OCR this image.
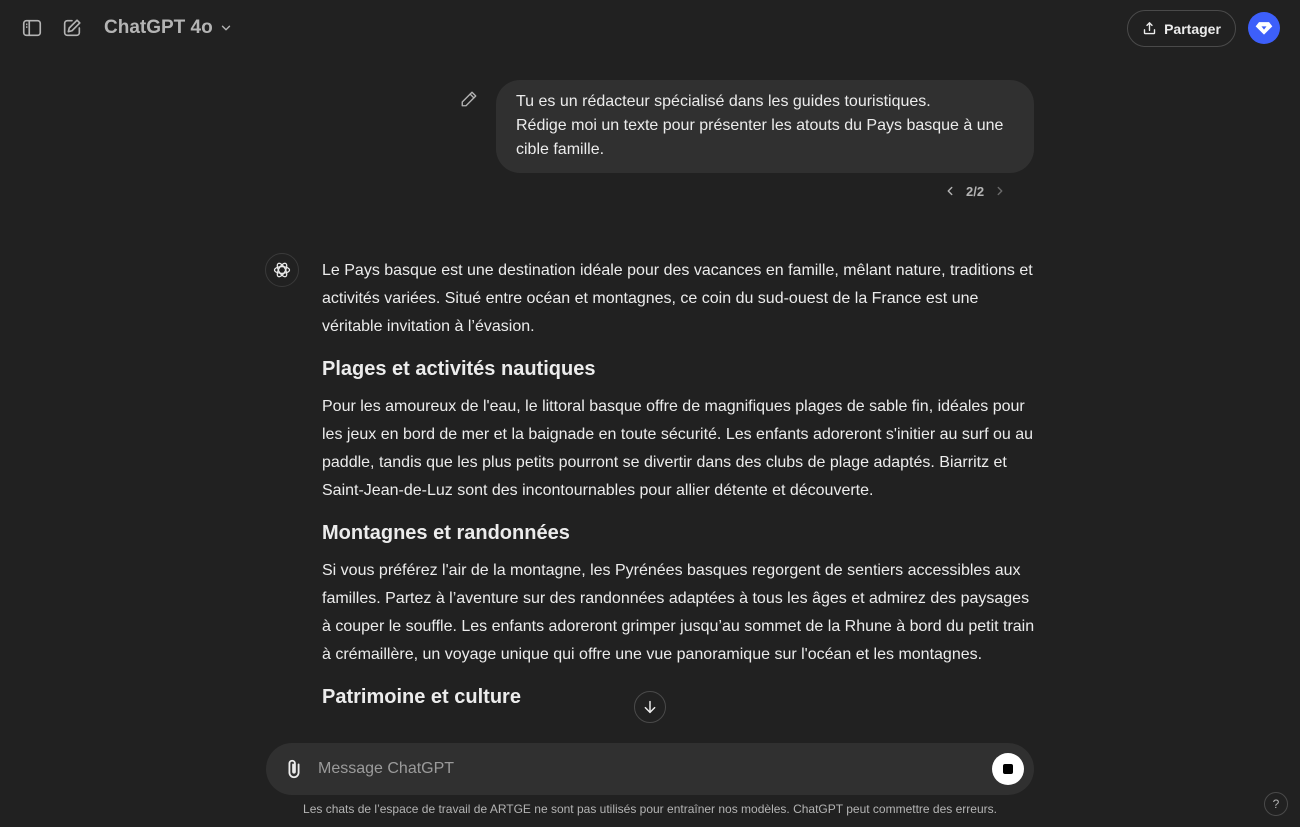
ChatGPT 4o	Partager
Tu es un rédacteur spécialisé dans les guides touristiques.
Rédige moi un texte pour présenter les atouts du Pays basque à une cible famille.
2/2

Le Pays basque est une destination idéale pour des vacances en famille, mêlant nature, traditions et activités variées. Situé entre océan et montagnes, ce coin du sud-ouest de la France est une véritable invitation à l’évasion.

Plages et activités nautiques

Pour les amoureux de l'eau, le littoral basque offre de magnifiques plages de sable fin, idéales pour les jeux en bord de mer et la baignade en toute sécurité. Les enfants adoreront s'initier au surf ou au paddle, tandis que les plus petits pourront se divertir dans des clubs de plage adaptés. Biarritz et Saint-Jean-de-Luz sont des incontournables pour allier détente et découverte.

Montagnes et randonnées

Si vous préférez l'air de la montagne, les Pyrénées basques regorgent de sentiers accessibles aux familles. Partez à l’aventure sur des randonnées adaptées à tous les âges et admirez des paysages à couper le souffle. Les enfants adoreront grimper jusqu’au sommet de la Rhune à bord du petit train à crémaillère, un voyage unique qui offre une vue panoramique sur l'océan et les montagnes.

Patrimoine et culture
Message ChatGPT
Les chats de l’espace de travail de ARTGE ne sont pas utilisés pour entraîner nos modèles. ChatGPT peut commettre des erreurs.	?
